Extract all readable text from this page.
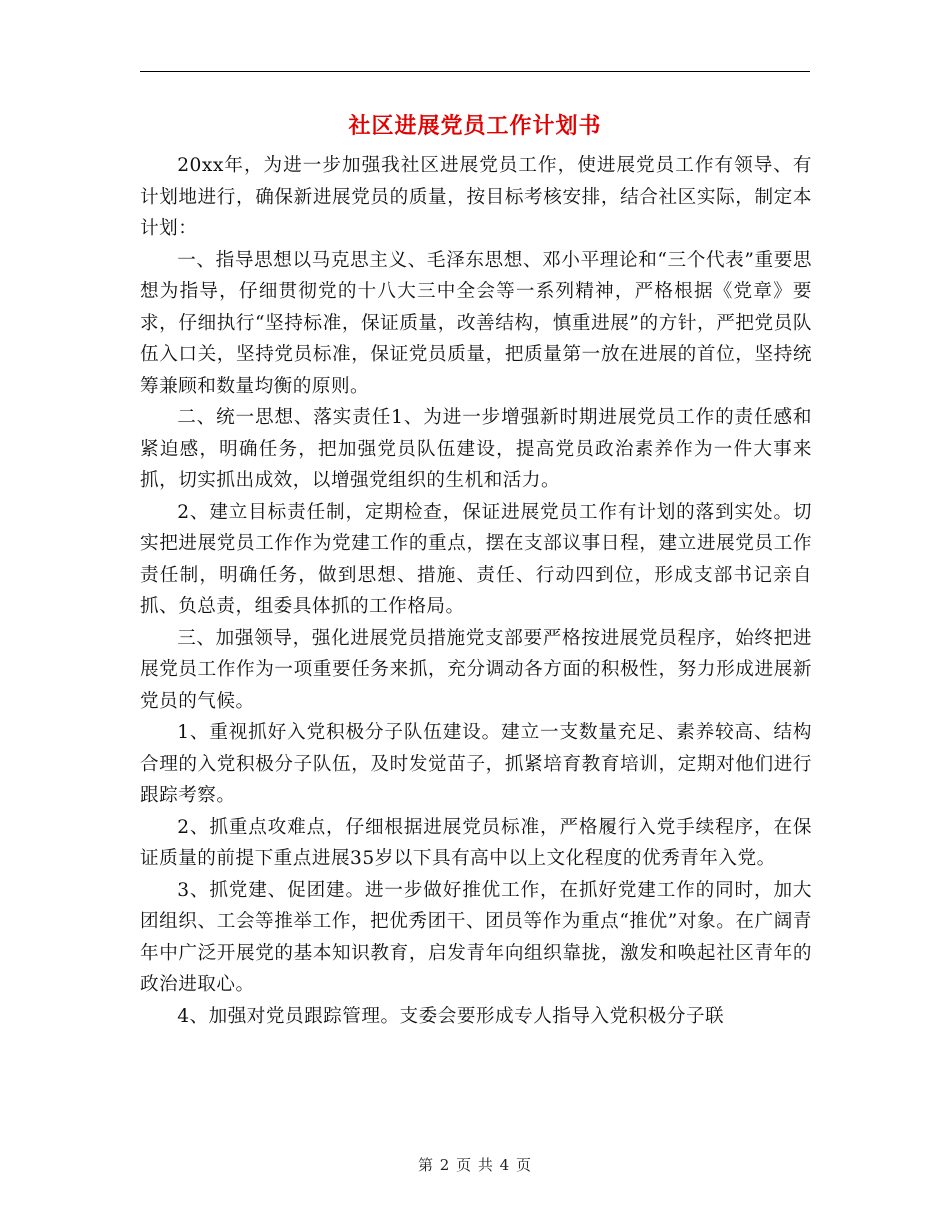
社区进展党员工作计划书

20xx年，为进一步加强我社区进展党员工作，使进展党员工作有领导、有计划地进行，确保新进展党员的质量，按目标考核安排，结合社区实际，制定本计划：

一、指导思想以马克思主义、毛泽东思想、邓小平理论和“三个代表”重要思想为指导，仔细贯彻党的十八大三中全会等一系列精神，严格根据《党章》要求，仔细执行“坚持标准，保证质量，改善结构，慎重进展”的方针，严把党员队伍入口关，坚持党员标准，保证党员质量，把质量第一放在进展的首位，坚持统筹兼顾和数量均衡的原则。

二、统一思想、落实责任1、为进一步增强新时期进展党员工作的责任感和紧迫感，明确任务，把加强党员队伍建设，提高党员政治素养作为一件大事来抓，切实抓出成效，以增强党组织的生机和活力。

2、建立目标责任制，定期检查，保证进展党员工作有计划的落到实处。切实把进展党员工作作为党建工作的重点，摆在支部议事日程，建立进展党员工作责任制，明确任务，做到思想、措施、责任、行动四到位，形成支部书记亲自抓、负总责，组委具体抓的工作格局。

三、加强领导，强化进展党员措施党支部要严格按进展党员程序，始终把进展党员工作作为一项重要任务来抓，充分调动各方面的积极性，努力形成进展新党员的气候。

1、重视抓好入党积极分子队伍建设。建立一支数量充足、素养较高、结构合理的入党积极分子队伍，及时发觉苗子，抓紧培育教育培训，定期对他们进行跟踪考察。

2、抓重点攻难点，仔细根据进展党员标准，严格履行入党手续程序，在保证质量的前提下重点进展35岁以下具有高中以上文化程度的优秀青年入党。

3、抓党建、促团建。进一步做好推优工作，在抓好党建工作的同时，加大团组织、工会等推举工作，把优秀团干、团员等作为重点“推优”对象。在广阔青年中广泛开展党的基本知识教育，启发青年向组织靠拢，激发和唤起社区青年的政治进取心。

4、加强对党员跟踪管理。支委会要形成专人指导入党积极分子联

第 2 页 共 4 页
